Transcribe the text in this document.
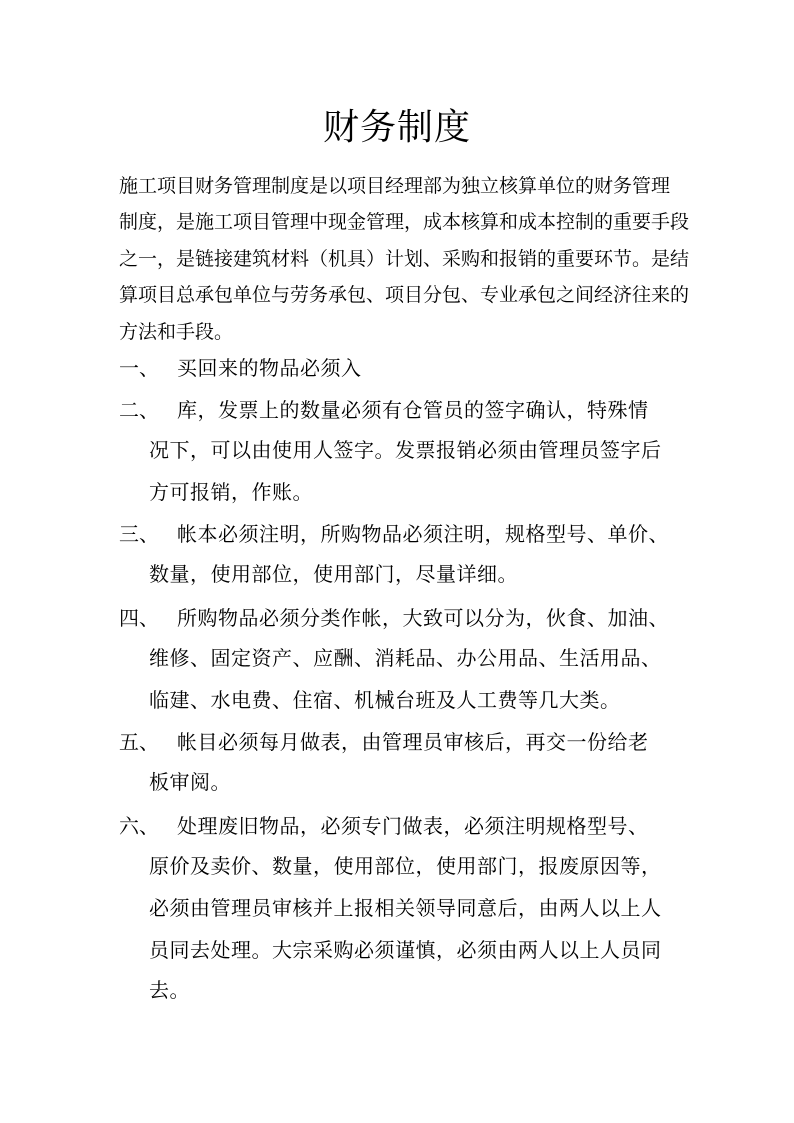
财务制度
施工项目财务管理制度是以项目经理部为独立核算单位的财务管理
制度，是施工项目管理中现金管理，成本核算和成本控制的重要手段
之一，是链接建筑材料（机具）计划、采购和报销的重要环节。是结
算项目总承包单位与劳务承包、项目分包、专业承包之间经济往来的
方法和手段。
一、 买回来的物品必须入
二、 库，发票上的数量必须有仓管员的签字确认，特殊情
况下，可以由使用人签字。发票报销必须由管理员签字后
方可报销，作账。
三、 帐本必须注明，所购物品必须注明，规格型号、单价、
数量，使用部位，使用部门，尽量详细。
四、 所购物品必须分类作帐，大致可以分为，伙食、加油、
维修、固定资产、应酬、消耗品、办公用品、生活用品、
临建、水电费、住宿、机械台班及人工费等几大类。
五、 帐目必须每月做表，由管理员审核后，再交一份给老
板审阅。
六、 处理废旧物品，必须专门做表，必须注明规格型号、
原价及卖价、数量，使用部位，使用部门，报废原因等，
必须由管理员审核并上报相关领导同意后，由两人以上人
员同去处理。大宗采购必须谨慎，必须由两人以上人员同
去。
